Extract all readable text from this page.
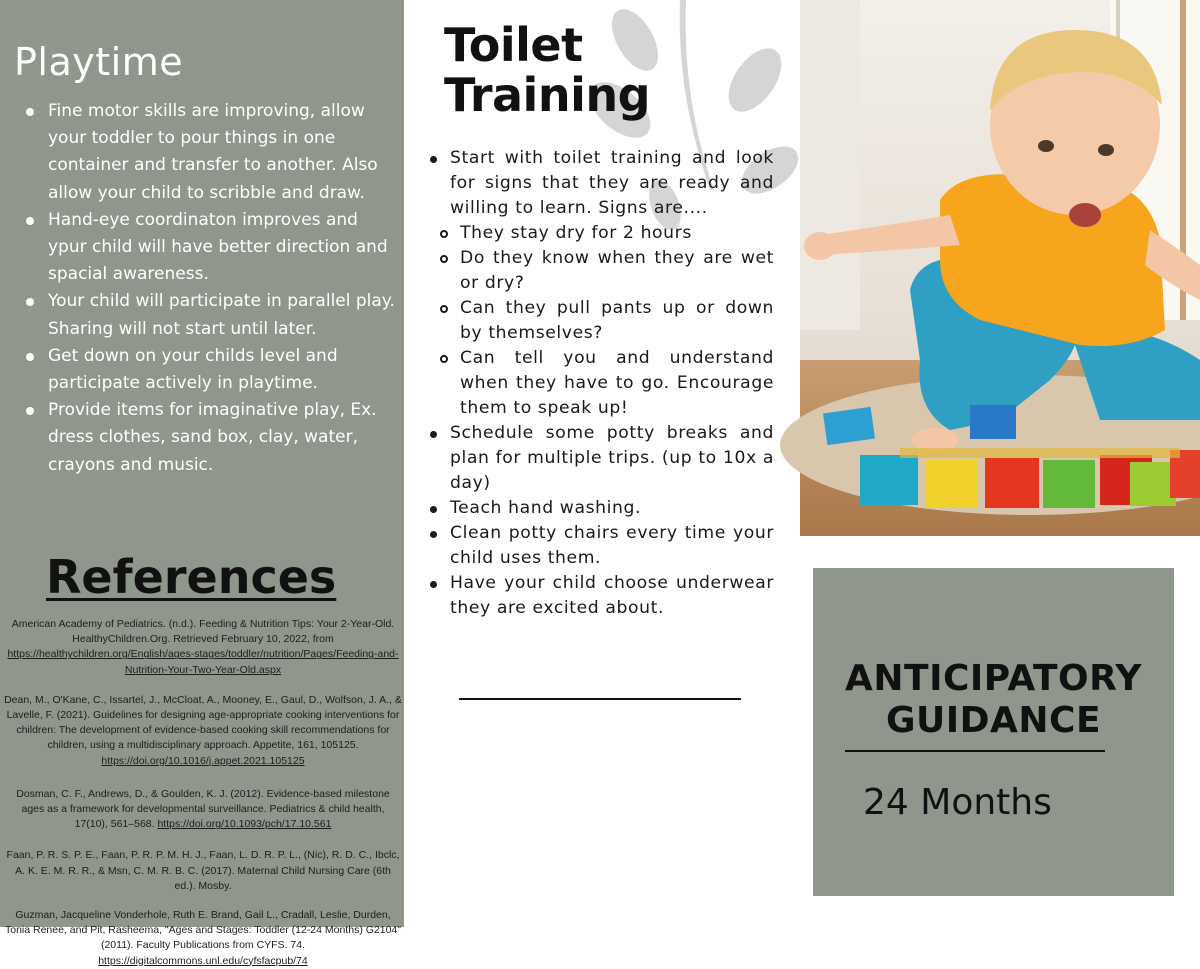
Playtime
Fine motor skills are improving, allow your toddler to pour things in one container and transfer to another. Also allow your child to scribble and draw.
Hand-eye coordinaton improves and ypur child will have better direction and spacial awareness.
Your child will participate in parallel play. Sharing will not start until later.
Get down on your childs level and participate actively in playtime.
Provide items for imaginative play, Ex. dress clothes, sand box, clay, water, crayons and music.
References

American Academy of Pediatrics. (n.d.). Feeding & Nutrition Tips: Your 2-Year-Old. HealthyChildren.Org. Retrieved February 10, 2022, from https://healthychildren.org/English/ages-stages/toddler/nutrition/Pages/Feeding-and-Nutrition-Your-Two-Year-Old.aspx

Dean, M., O'Kane, C., Issartel, J., McCloat, A., Mooney, E., Gaul, D., Wolfson, J. A., & Lavelle, F. (2021). Guidelines for designing age-appropriate cooking interventions for children: The development of evidence-based cooking skill recommendations for children, using a multidisciplinary approach. Appetite, 161, 105125. https://doi.org/10.1016/j.appet.2021.105125

Dosman, C. F., Andrews, D., & Goulden, K. J. (2012). Evidence-based milestone ages as a framework for developmental surveillance. Pediatrics & child health, 17(10), 561–568. https://doi.org/10.1093/pch/17.10.561

Faan, P. R. S. P. E., Faan, P. R. P. M. H. J., Faan, L. D. R. P. L., (Nic), R. D. C., Ibclc, A. K. E. M. R. R., & Msn, C. M. R. B. C. (2017). Maternal Child Nursing Care (6th ed.). Mosby.

Guzman, Jacqueline Vonderhole, Ruth E. Brand, Gail L., Cradall, Leslie, Durden, Tonia Renee, and Pit, Rasheema, "Ages and Stages: Toddler (12-24 Months) G2104" (2011). Faculty Publications from CYFS. 74. https://digitalcommons.unl.edu/cyfsfacpub/74

Toilet
Training
Start with toilet training and look for signs that they are ready and willing to learn. Signs are....
They stay dry for 2 hours
Do they know when they are wet or dry?
Can they pull pants up or down by themselves?
Can tell you and understand when they have to go. Encourage them to speak up!
Schedule some potty breaks and plan for multiple trips. (up to 10x a day)
Teach hand washing.
Clean potty chairs every time your child uses them.
Have your child choose underwear they are excited about.
ANTICIPATORY
GUIDANCE
24 Months
